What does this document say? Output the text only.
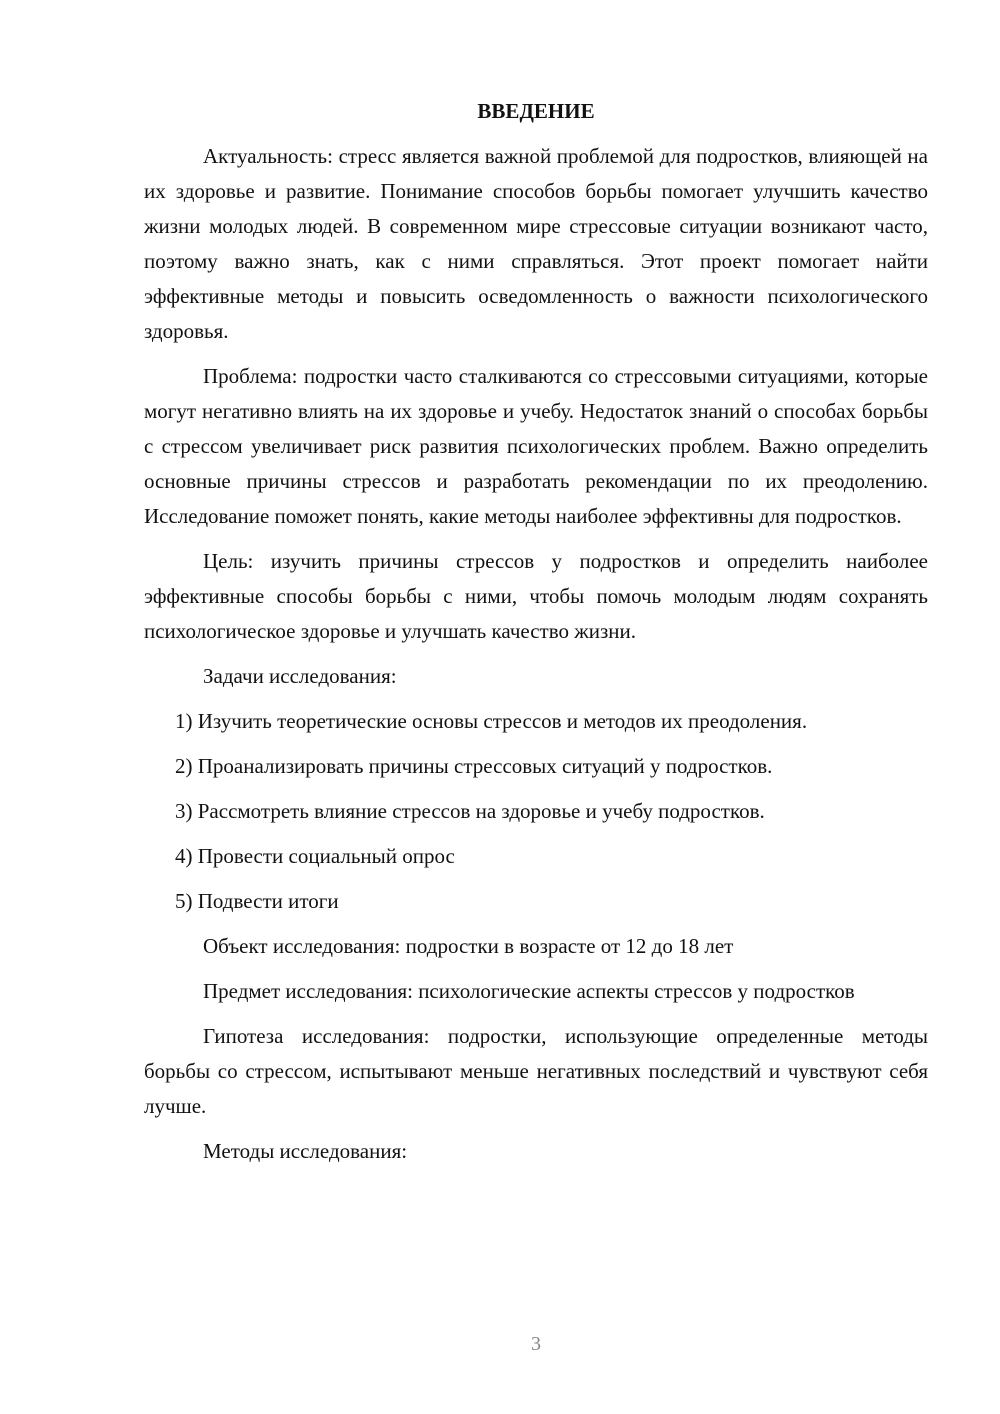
ВВЕДЕНИЕ

Актуальность: стресс является важной проблемой для подростков, влияющей на их здоровье и развитие. Понимание способов борьбы помогает улучшить качество жизни молодых людей. В современном мире стрессовые ситуации возникают часто, поэтому важно знать, как с ними справляться. Этот проект помогает найти эффективные методы и повысить осведомленность о важности психологического здоровья.

Проблема: подростки часто сталкиваются со стрессовыми ситуациями, которые могут негативно влиять на их здоровье и учебу. Недостаток знаний о способах борьбы с стрессом увеличивает риск развития психологических проблем. Важно определить основные причины стрессов и разработать рекомендации по их преодолению. Исследование поможет понять, какие методы наиболее эффективны для подростков.

Цель: изучить причины стрессов у подростков и определить наиболее эффективные способы борьбы с ними, чтобы помочь молодым людям сохранять психологическое здоровье и улучшать качество жизни.

Задачи исследования:

1) Изучить теоретические основы стрессов и методов их преодоления.

2) Проанализировать причины стрессовых ситуаций у подростков.

3) Рассмотреть влияние стрессов на здоровье и учебу подростков.

4) Провести социальный опрос

5) Подвести итоги

Объект исследования: подростки в возрасте от 12 до 18 лет

Предмет исследования: психологические аспекты стрессов у подростков

Гипотеза исследования: подростки, использующие определенные методы борьбы со стрессом, испытывают меньше негативных последствий и чувствуют себя лучше.

Методы исследования:

3
